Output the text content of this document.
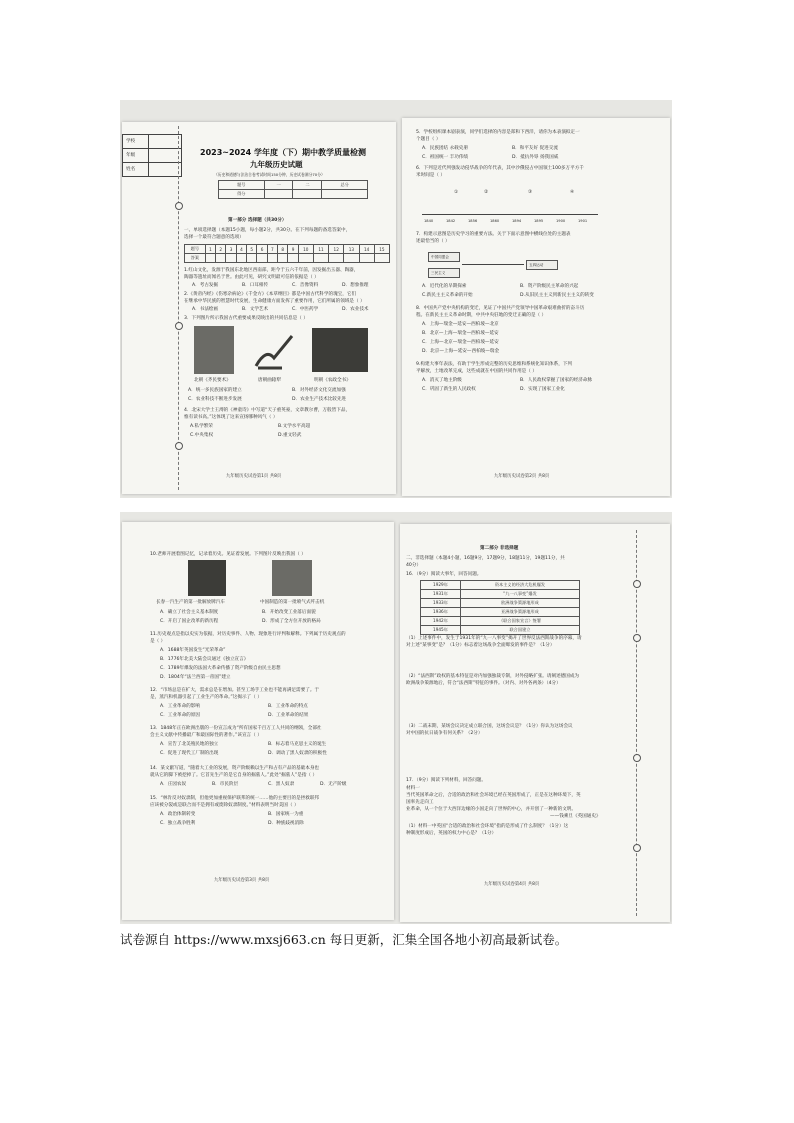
学校
年级
姓名
2023~2024 学年度（下）期中教学质量检测
九年级历史试题
（历史和道德与法治合卷考试时间150分钟，历史试卷满分70分）
题号	一	二	总分
得分			
第一部分 选择题（共30分）
一、单项选择题（本题15小题，每小题2分，共30分。在下列每题的备选答案中，
选择一个最符合题意的选项）
题号	1	2	3	4	5	6	7	8	9	10	11	12	13	14	15
答案															
1.红山文化，发源于我国东北地区西南部，距今于五六千年前，因发掘出玉器、陶器，
陶器等遗址而闻名于世。由此可见，研究文明最可信的依据是（ ）
A．考古发掘	B．口耳相传	C．音像资料	D．想象推理
2.《黄帝内经》《伤寒杂病论》《千金方》《本草纲目》都是中国古代科学的瑰宝，它们
在继承中华民族的智慧时代发展，生命健康方面发挥了重要作用，它们所属的领域是（ ）
A．书法绘画	B．文学艺术	C．中医药学	D．农业技术
3．下列图片所示我国古代重要成果反映出的共同信息是（ ）
北朝《齐民要术》	唐朝曲辕犁	明朝《农政全书》
A．统一多民族国家的建立	B．对外经济文化交流加强
C．农业科技不断进步发展	D．农业生产技术比较先进
4．北宋大学士王溥的《神童诗》中写道“天子重英豪，文章教尔曹，万般皆下品，
惟有读书高。”这体现了这来宣扬哪种风气（ ）
A.私学繁荣	B.文学水平高超
C.中央集权	D.重文轻武
九年级历史试卷第1页 共8页
5．学校组织课本剧表演，同学们选择的内容是郑和下西洋，请你为本表演拟定一
个题目（ ）
A．民族团结 永载史册	B．和平友好 促进交流
C．祖国统一 丰功伟绩	D．抵抗外辱 扬我国威
6．下列是近代列强发动侵华战争的年代表，其中沙俄侵占中国领土100多万平方千
米时间是（ ）
①	②	③	④
1840	1842	1856	1860	1894	1895	1900	1901
7．构建示意图是历史学习的重要方法。关于下面示意图中横线位处的主题表
述最恰当的（ ）
中国同盟会
三民主义
五四运动
A．近代化的早期探索	B．资产阶级民主革命的兴起
C.新民主主义革命的开始	D.从旧民主主义到新民主主义的转变
8．中国共产党中央机构的变迁，见证了中国共产党领导中国革命艰难曲折的奋斗历
程。在新民主主义革命时期，中共中央驻地的变迁正确的是（ ）
A．上海—瑞金—延安—西柏坡—北京
B．北京—上海—瑞金—西柏坡—延安
C．上海—北京—瑞金—西柏坡—延安
D．北京—上海—延安—西柏坡—瑞金
9.构建大事年表法，有助于学生形成完整的历史思维和系统化知识体系，下列
平解放，土地改革完成，这些成就在中国的共同作用是（ ）
A．消灭了地主阶级	B．人民政权掌握了国家的经济命脉
C．巩固了新生的人民政权	D．实现了国家工业化
九年级历史试卷第2页 共8页
10.老师开展着图记忆，记录着历史。见证着发展。下列图片反映出我国（ ）
长春一汽生产的第一批解放牌汽车	中国制造的第一批喷气式歼击机
A．确立了社会主义基本制度	B．开始改变工业落后面貌
C．开启了国企改革的新历程	D．形成了全方位开放的格局
11.历史观点是指以史实为依据，对历史事件、人物、现象进行评判和解释。下列属于历史观点的
是（ ）
A．1688年英国发生“光荣革命”
B．1776年北美大陆会议通过《独立宣言》
C．1789年爆发的法国大革命传播了资产阶级自由民主思想
D．1804年“法兰西第一帝国”建立
12．“市场总是在扩大，需求总是在增加。甚至工场手工业也不能再满足需要了。于
是，蒸汽和机器引起了工业生产的革命。”这揭示了（ ）
A．工业革命的影响	B．工业革命的特点
C．工业革命的原因	D．工业革命的结果
13．1848年正在欧洲出版的一份宣言成为“所有国家千百万工人共同的纲领，全部社
会主义文献中传播最广和最国际性的著作。”该宣言（ ）
A．宣告了北美殖民地的独立	B．标志着马克思主义的诞生
C．促进了现代工厂制的出现	D．调动了黑人奴隶的积极性
14．某文献写道，“随着大工业的发展，资产阶级赖以生产和占有产品的基础本身也
就从它的脚下被挖掉了。它首先生产的是它自身的掘墓人。”此处“掘墓人”是指（ ）
A．庄园农奴	B．市民阶层	C．黑人奴隶	D．无产阶级
15．“林肯反对奴隶制，但他更加重视保护联邦的统一……他的主要目的是拯救联邦
应该被分裂或是联合而不是拥有或废除奴隶制度。”材料表明当时美国（ ）
A．政治体制转变	B．国家统一为重
C．独立战争胜利	D．种族歧视消除
九年级历史试卷第3页 共8页
第二部分 非选择题
二、非选择题（本题4小题，16题9分，17题9分，18题11分，19题11分，共
40分）
16．（9分）阅读大事年，回答问题。
1929年	资本主义的经济大危机爆发
1931年	“九一八事变”爆发
1933年	欧洲战争策源地形成
1936年	亚洲战争策源地形成
1942年	《联合国家宣言》签署
1945年	联合国建立
（1）上述事件中，发生于1931年的“九一八事变”揭开了世界反法西斯战争的序幕，请
对上述“某事变”是？（1分）标志着这场战争全面爆发的事件是？（1分）
（2）“法西斯”政权的基本特征是对内加强独裁专制，对外侵略扩张。请阐述德国成为
欧洲战争策源地后，符合“法西斯”特征的事件。（对内、对外各两条）（4分）
（3）二战末期，某场会议决定成立联合国，这场会议是？（1分）你认为这场会议
对中国的抗日战争有何关系？（2分）
17．（9分）阅读下列材料，回答问题。
材料一
当代英国革命之后，合适的政治和社会环境已经在英国形成了，正是在这种环境下，英
国率先走向工
业革命，从一个位于大西洋边缘的小国走向了世界的中心，并开创了一种新的文明。
——钱乘旦《英国通史》
（1）材料一中英国“合适的政治和社会环境”指的是形成了什么制度？（1分）这
种制度形成后，英国的权力中心是？（1分）
九年级历史试卷第4页 共8页
试卷源自 https://www.mxsj663.cn 每日更新，汇集全国各地小初高最新试卷。
